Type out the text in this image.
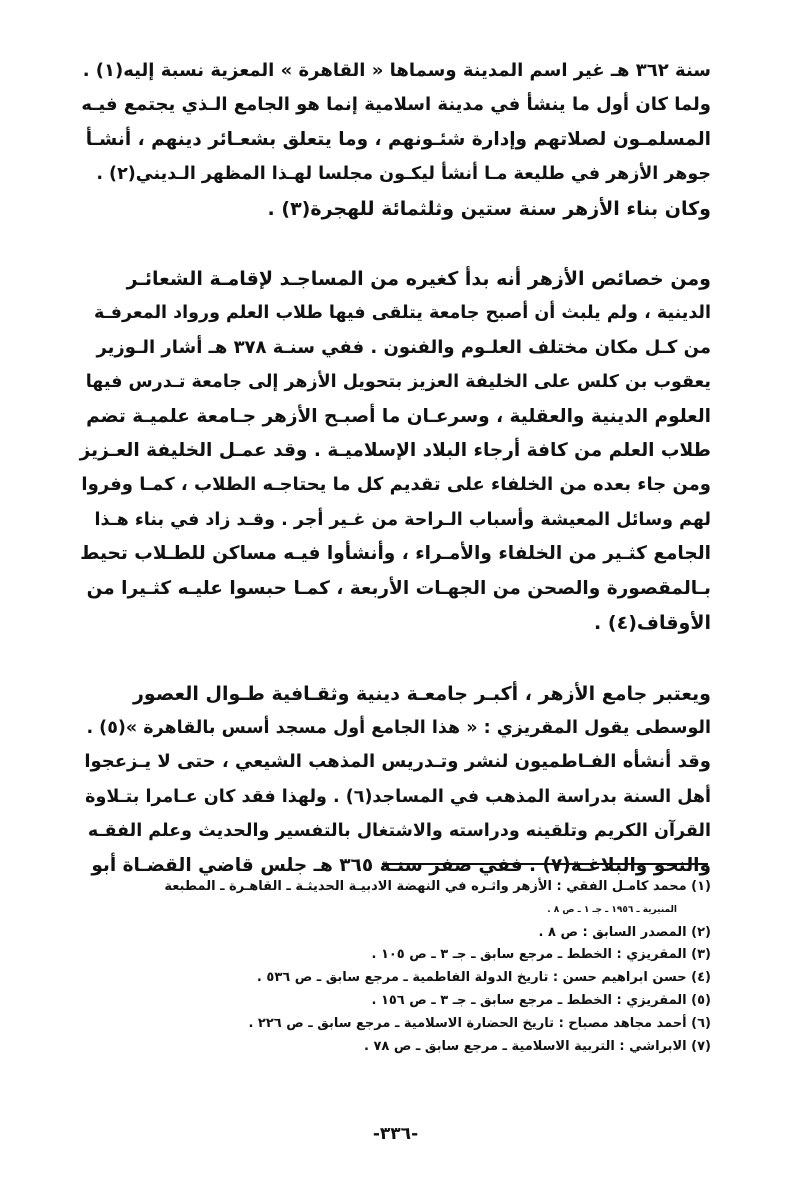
سنة ٣٦٢ هـ غير اسم المدينة وسماها « القاهرة » المعزية نسبة إليه(١) .
ولما كان أول ما ينشأ في مدينة اسلامية إنما هو الجامع الـذي يجتمع فيـه
المسلمـون لصلاتهم وإدارة شئـونهم ، وما يتعلق بشعـائر دينهم ، أنشـأ
جوهر الأزهر في طليعة مـا أنشأ ليكـون مجلسا لهـذا المظهر الـديني(٢) .
وكان بناء الأزهر سنة ستين وثلثمائة للهجرة(٣) .
ومن خصائص الأزهر أنه بدأ كغيره من المساجـد لإقامـة الشعائـر
الدينية ، ولم يلبث أن أصبح جامعة يتلقى فيها طلاب العلم ورواد المعرفـة
من كـل مكان مختلف العلـوم والفنون . ففي سنـة ٣٧٨ هـ أشار الـوزير
يعقوب بن كلس على الخليفة العزيز بتحويل الأزهر إلى جامعة تـدرس فيها
العلوم الدينية والعقلية ، وسرعـان ما أصبـح الأزهر جـامعة علميـة تضم
طلاب العلم من كافة أرجاء البلاد الإسلاميـة . وقد عمـل الخليفة العـزيز
ومن جاء بعده من الخلفاء على تقديم كل ما يحتاجـه الطلاب ، كمـا وفروا
لهم وسائل المعيشة وأسباب الـراحة من غـير أجر . وقـد زاد في بناء هـذا
الجامع كثـير من الخلفاء والأمـراء ، وأنشأوا فيـه مساكن للطـلاب تحيط
بـالمقصورة والصحن من الجهـات الأربعة ، كمـا حبسوا عليـه كثـيرا من
الأوقاف(٤) .
ويعتبر جامع الأزهر ، أكبـر جامعـة دينية وثقـافية طـوال العصور
الوسطى يقول المقريزي : « هذا الجامع أول مسجد أسس بالقاهرة »(٥) .
وقد أنشأه الفـاطميون لنشر وتـدريس المذهب الشيعي ، حتى لا يـزعجوا
أهل السنة بدراسة المذهب في المساجد(٦) . ولهذا فقد كان عـامرا بتـلاوة
القرآن الكريم وتلقينه ودراسته والاشتغال بالتفسير والحديث وعلم الفقـه
والنحو والبلاغـة(٧) . ففي صفر سنـة ٣٦٥ هـ جلس قاضي القضـاة أبو
(١) محمد كامـل الفقي : الأزهر واثـره في النهضة الادبيـة الحديثـة ـ القاهـرة ـ المطبعة
المنيرية ـ ١٩٥٦ ـ جـ ١ ـ ص ٨ .
(٢) المصدر السابق : ص ٨ .
(٣) المقريزي : الخطط ـ مرجع سابق ـ جـ ٣ ـ ص ١٠٥ .
(٤) حسن ابراهيم حسن : تاريخ الدولة الفاطمية ـ مرجع سابق ـ ص ٥٣٦ .
(٥) المقريزي : الخطط ـ مرجع سابق ـ جـ ٣ ـ ص ١٥٦ .
(٦) أحمد مجاهد مصباح : تاريخ الحضارة الاسلامية ـ مرجع سابق ـ ص ٢٢٦ .
(٧) الابراشي : التربية الاسلامية ـ مرجع سابق ـ ص ٧٨ .
-٣٣٦-
